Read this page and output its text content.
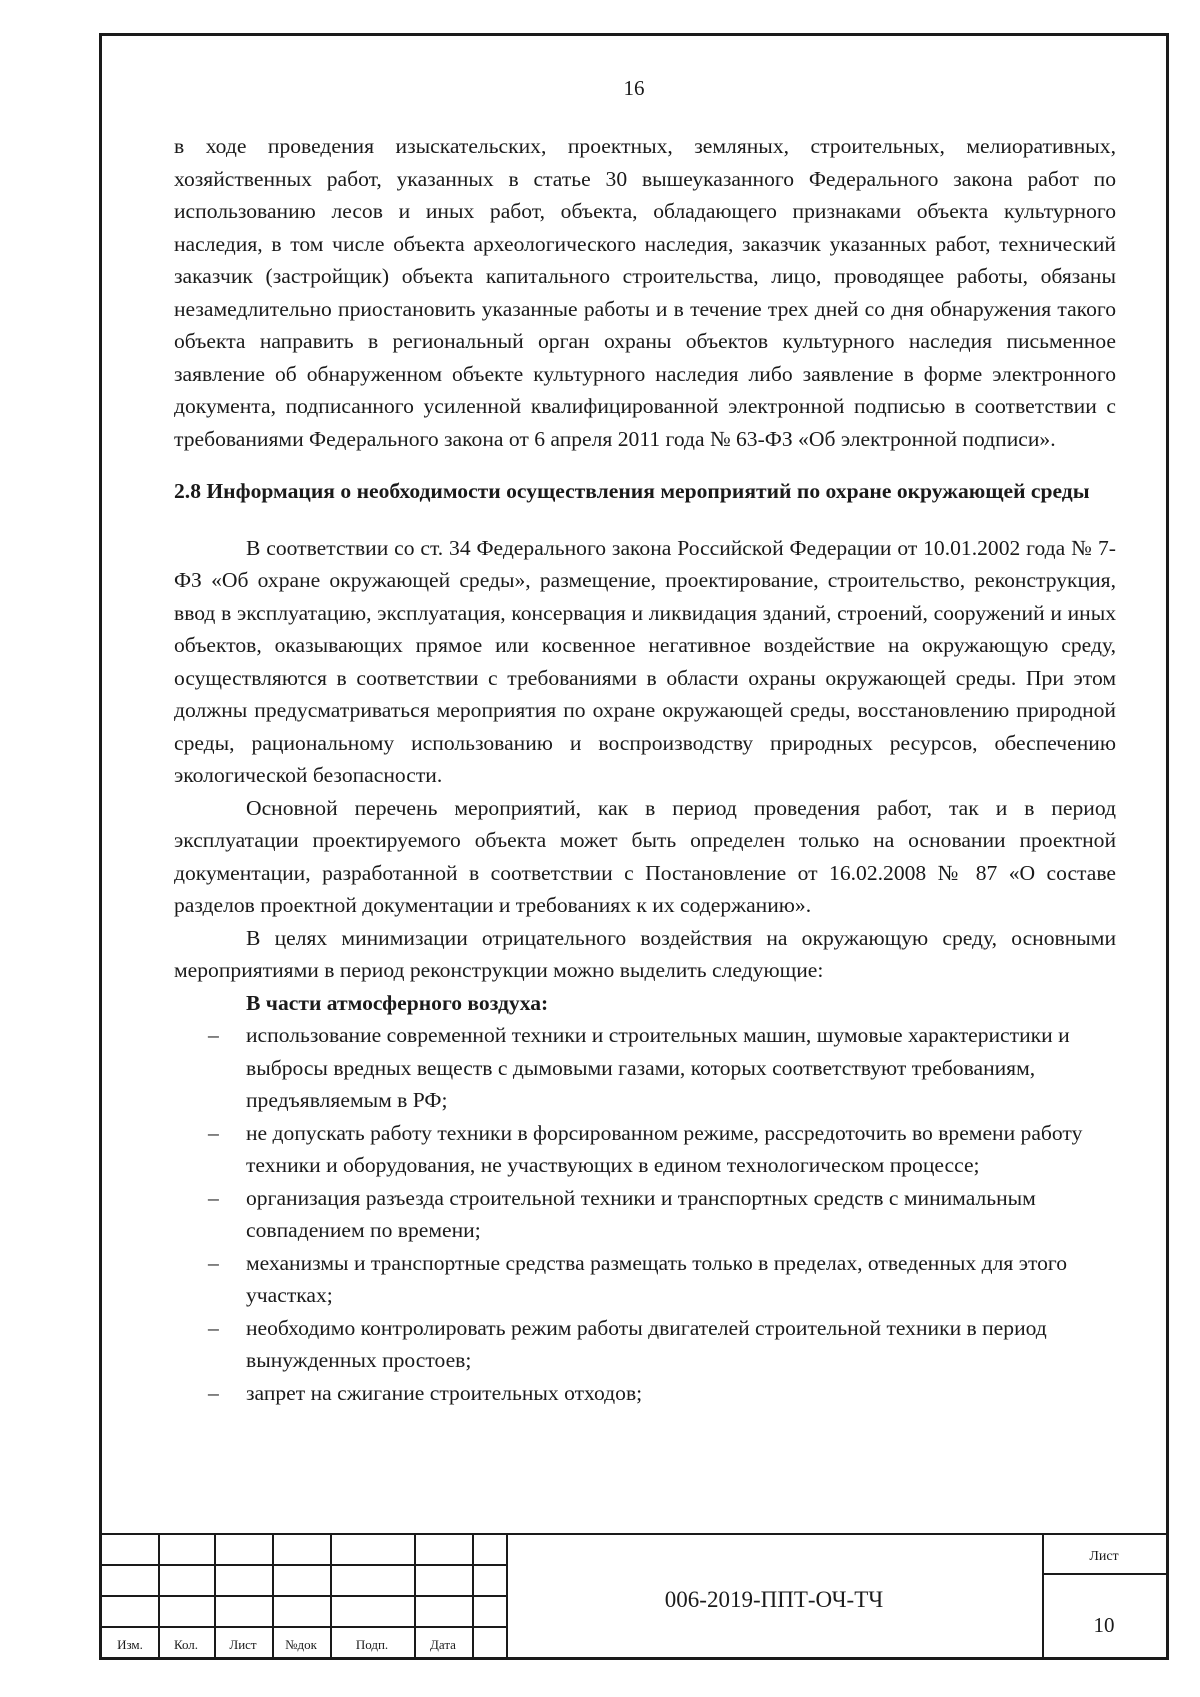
16

в ходе проведения изыскательских, проектных, земляных, строительных, мелиоративных, хозяйственных работ, указанных в статье 30 вышеуказанного Федерального закона работ по использованию лесов и иных работ, объекта, обладающего признаками объекта культурного наследия, в том числе объекта археологического наследия, заказчик указанных работ, технический заказчик (застройщик) объекта капитального строительства, лицо, проводящее работы, обязаны незамедлительно приостановить указанные работы и в течение трех дней со дня обнаружения такого объекта направить в региональный орган охраны объектов культурного наследия письменное заявление об обнаруженном объекте культурного наследия либо заявление в форме электронного документа, подписанного усиленной квалифицированной электронной подписью в соответствии с требованиями Федерального закона от 6 апреля 2011 года № 63-ФЗ «Об электронной подписи».

2.8 Информация о необходимости осуществления мероприятий по охране окружающей среды

В соответствии со ст. 34 Федерального закона Российской Федерации от 10.01.2002 года № 7-ФЗ «Об охране окружающей среды», размещение, проектирование, строительство, реконструкция, ввод в эксплуатацию, эксплуатация, консервация и ликвидация зданий, строений, сооружений и иных объектов, оказывающих прямое или косвенное негативное воздействие на окружающую среду, осуществляются в соответствии с требованиями в области охраны окружающей среды. При этом должны предусматриваться мероприятия по охране окружающей среды, восстановлению природной среды, рациональному использованию и воспроизводству природных ресурсов, обеспечению экологической безопасности.

Основной перечень мероприятий, как в период проведения работ, так и в период эксплуатации проектируемого объекта может быть определен только на основании проектной документации, разработанной в соответствии с Постановление от 16.02.2008 № 87 «О составе разделов проектной документации и требованиях к их содержанию».

В целях минимизации отрицательного воздействия на окружающую среду, основными мероприятиями в период реконструкции можно выделить следующие:

В части атмосферного воздуха:

– использование современной техники и строительных машин, шумовые характеристики и выбросы вредных веществ с дымовыми газами, которых соответствуют требованиям, предъявляемым в РФ;
– не допускать работу техники в форсированном режиме, рассредоточить во времени работу техники и оборудования, не участвующих в едином технологическом процессе;
– организация разъезда строительной техники и транспортных средств с минимальным совпадением по времени;
– механизмы и транспортные средства размещать только в пределах, отведенных для этого участках;
– необходимо контролировать режим работы двигателей строительной техники в период вынужденных простоев;
– запрет на сжигание строительных отходов;
Изм.	Кол.	Лист	№док	Подп.	Дата
006-2019-ППТ-ОЧ-ТЧ
Лист
10
